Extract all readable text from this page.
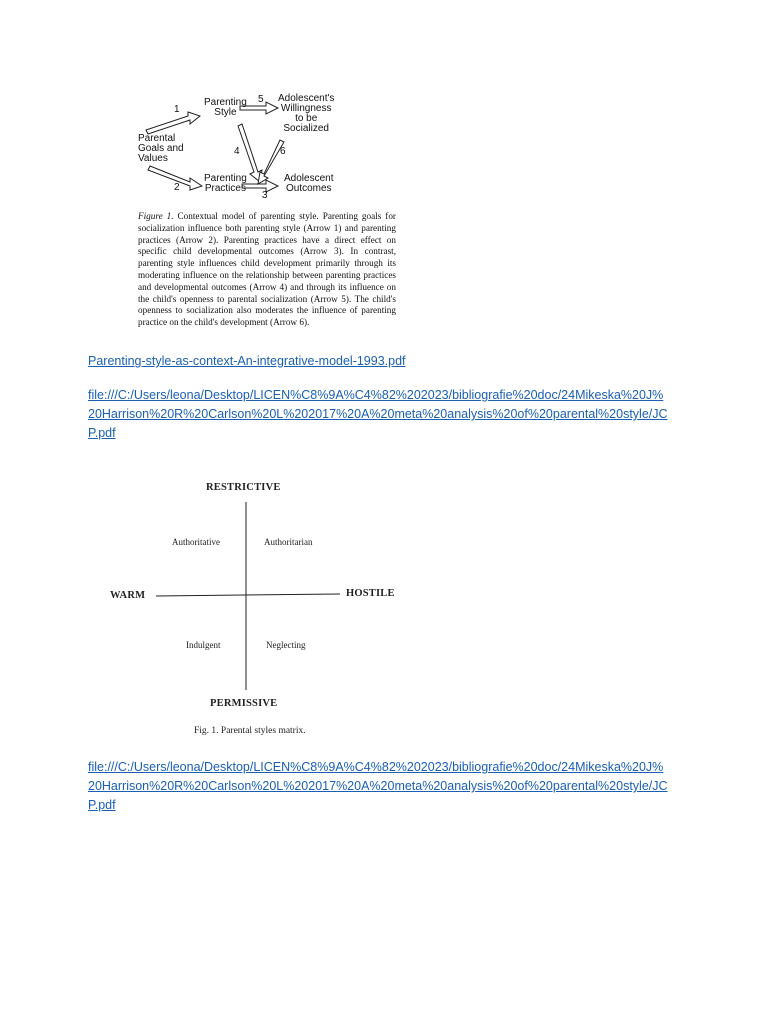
Parenting
Style
Parental
Goals and
Values
Parenting
Practices
Adolescent's
Willingness
to be
Socialized
Adolescent
Outcomes
1
2
3
4
5
6
Figure 1. Contextual model of parenting style. Parenting goals for socialization influence both parenting style (Arrow 1) and parenting practices (Arrow 2). Parenting practices have a direct effect on specific child developmental outcomes (Arrow 3). In contrast, parenting style influences child development primarily through its moderating influence on the relationship between parenting practices and developmental outcomes (Arrow 4) and through its influence on the child's openness to parental socialization (Arrow 5). The child's openness to socialization also moderates the influence of parenting practice on the child's development (Arrow 6).
Parenting-style-as-context-An-integrative-model-1993.pdf
file:///C:/Users/leona/Desktop/LICEN%C8%9A%C4%82%202023/bibliografie%20doc/24Mikeska%20J%20Harrison%20R%20Carlson%20L%202017%20A%20meta%20analysis%20of%20parental%20style/JCP.pdf
RESTRICTIVE
PERMISSIVE
WARM	HOSTILE
Authoritative	Authoritarian
Indulgent	Neglecting
Fig. 1. Parental styles matrix.
file:///C:/Users/leona/Desktop/LICEN%C8%9A%C4%82%202023/bibliografie%20doc/24Mikeska%20J%20Harrison%20R%20Carlson%20L%202017%20A%20meta%20analysis%20of%20parental%20style/JCP.pdf
